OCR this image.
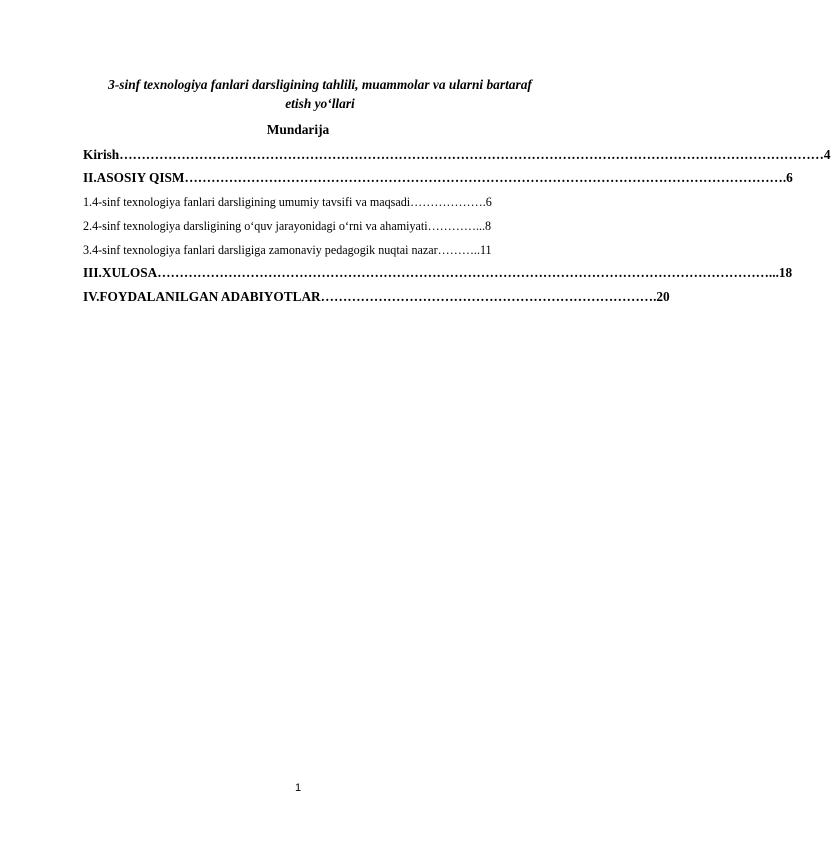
3-sinf texnologiya fanlari darsligining tahlili, muammolar va ularni bartaraf
etish yo‘llari
Mundarija
Kirish……………………………………………………………………………………………………………………………………………4
II.ASOSIY QISM……………………………………………………………………………………………………………………….6
1.4-sinf texnologiya fanlari darsligining umumiy tavsifi va maqsadi……………….6
2.4-sinf texnologiya darsligining o‘quv jarayonidagi o‘rni va ahamiyati…………...8
3.4-sinf texnologiya fanlari darsligiga zamonaviy pedagogik nuqtai nazar………..11
III.XULOSA…………………………………………………………………………………………………………………………...18
IV.FOYDALANILGAN ADABIYOTLAR………………………………………………………………….20
1
